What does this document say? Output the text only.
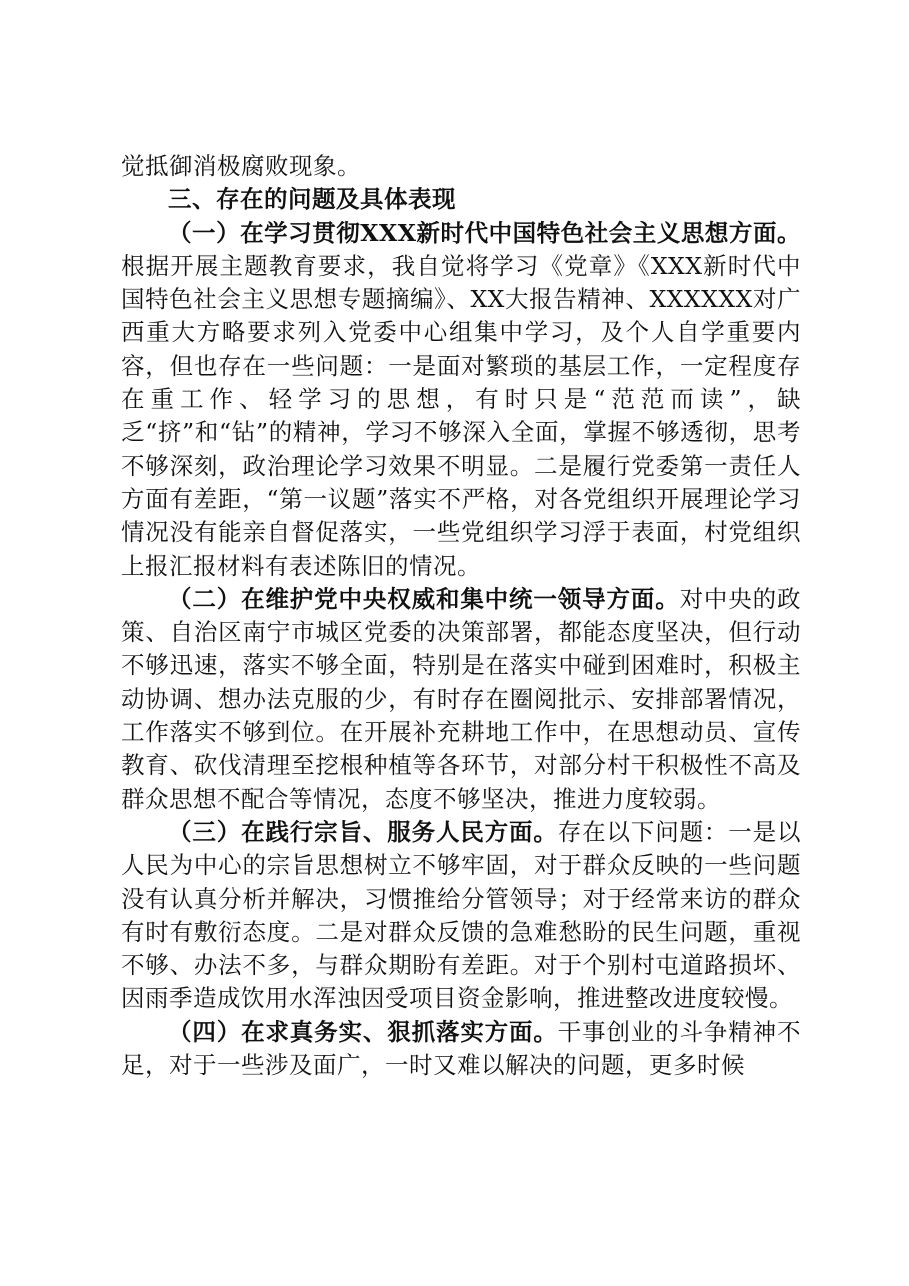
觉抵御消极腐败现象。

三、存在的问题及具体表现

（一）在学习贯彻XXX新时代中国特色社会主义思想方面。根据开展主题教育要求，我自觉将学习《党章》《XXX新时代中国特色社会主义思想专题摘编》、XX大报告精神、XXXXXX对广西重大方略要求列入党委中心组集中学习，及个人自学重要内容，但也存在一些问题：一是面对繁琐的基层工作，一定程度存在重工作、轻学习的思想，有时只是“范范而读”，缺乏“挤”和“钻”的精神，学习不够深入全面，掌握不够透彻，思考不够深刻，政治理论学习效果不明显。二是履行党委第一责任人方面有差距，“第一议题”落实不严格，对各党组织开展理论学习情况没有能亲自督促落实，一些党组织学习浮于表面，村党组织上报汇报材料有表述陈旧的情况。

（二）在维护党中央权威和集中统一领导方面。对中央的政策、自治区南宁市城区党委的决策部署，都能态度坚决，但行动不够迅速，落实不够全面，特别是在落实中碰到困难时，积极主动协调、想办法克服的少，有时存在圈阅批示、安排部署情况，工作落实不够到位。在开展补充耕地工作中，在思想动员、宣传教育、砍伐清理至挖根种植等各环节，对部分村干积极性不高及群众思想不配合等情况，态度不够坚决，推进力度较弱。

（三）在践行宗旨、服务人民方面。存在以下问题：一是以人民为中心的宗旨思想树立不够牢固，对于群众反映的一些问题没有认真分析并解决，习惯推给分管领导；对于经常来访的群众有时有敷衍态度。二是对群众反馈的急难愁盼的民生问题，重视不够、办法不多，与群众期盼有差距。对于个别村屯道路损坏、因雨季造成饮用水浑浊因受项目资金影响，推进整改进度较慢。

（四）在求真务实、狠抓落实方面。干事创业的斗争精神不足，对于一些涉及面广，一时又难以解决的问题，更多时候
